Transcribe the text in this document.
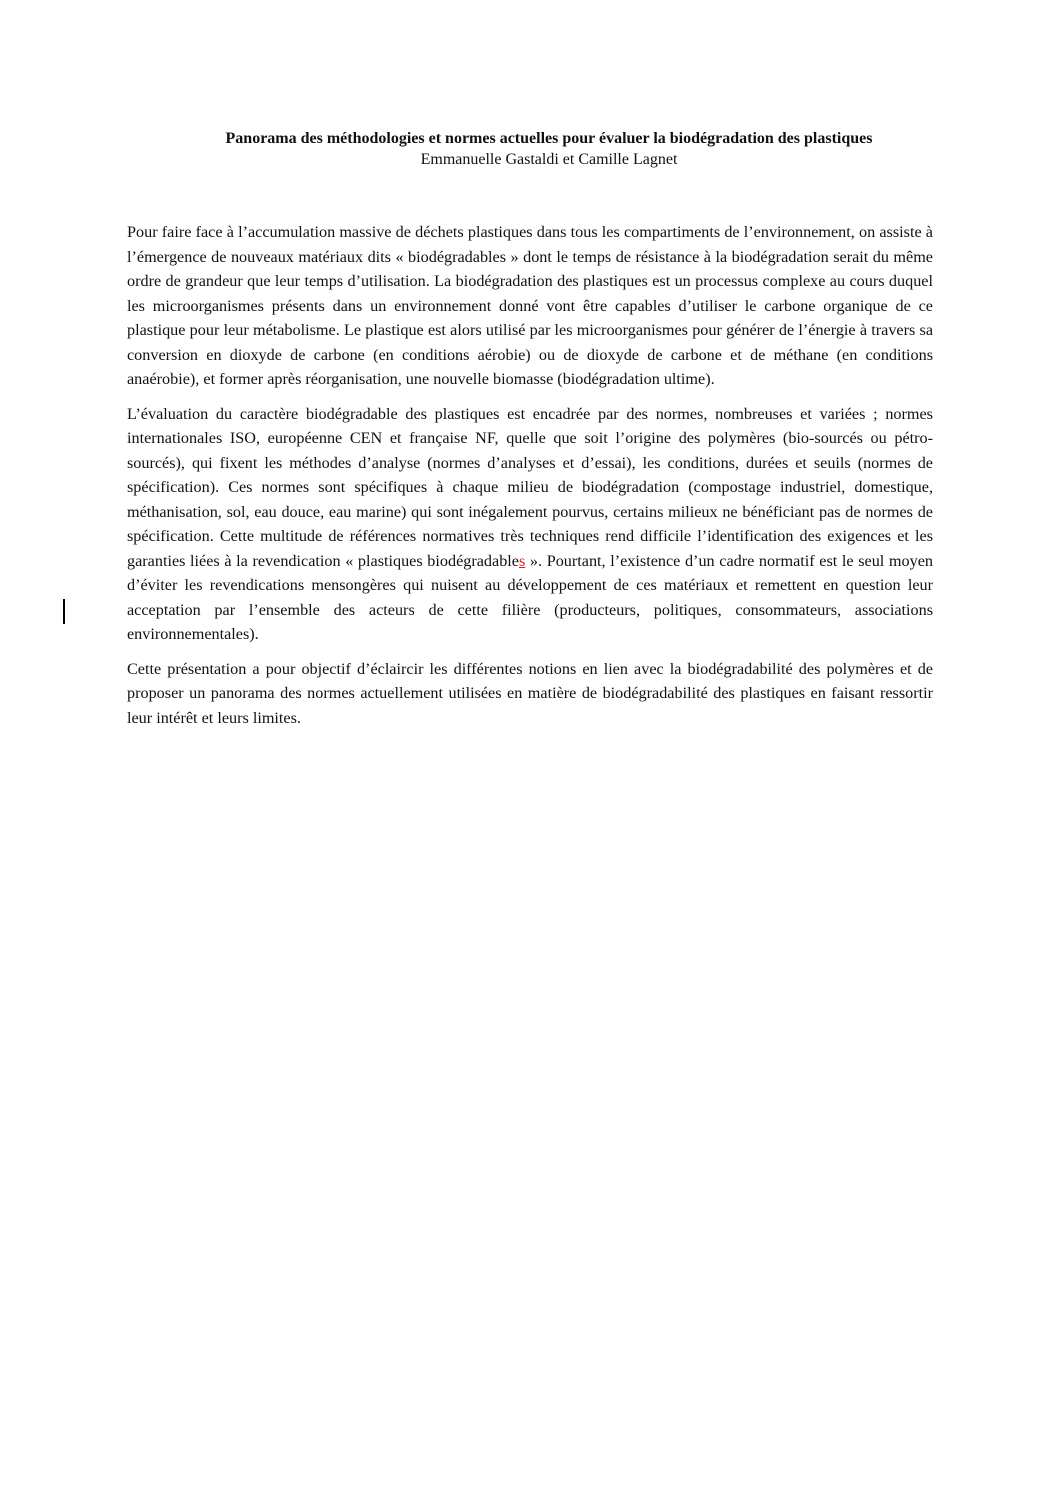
Panorama des méthodologies et normes actuelles pour évaluer la biodégradation des plastiques

Emmanuelle Gastaldi et Camille Lagnet

Pour faire face à l’accumulation massive de déchets plastiques dans tous les compartiments de l’environnement, on assiste à l’émergence de nouveaux matériaux dits « biodégradables » dont le temps de résistance à la biodégradation serait du même ordre de grandeur que leur temps d’utilisation. La biodégradation des plastiques est un processus complexe au cours duquel les microorganismes présents dans un environnement donné vont être capables d’utiliser le carbone organique de ce plastique pour leur métabolisme. Le plastique est alors utilisé par les microorganismes pour générer de l’énergie à travers sa conversion en dioxyde de carbone (en conditions aérobie) ou de dioxyde de carbone et de méthane (en conditions anaérobie), et former après réorganisation, une nouvelle biomasse (biodégradation ultime).

L’évaluation du caractère biodégradable des plastiques est encadrée par des normes, nombreuses et variées ; normes internationales ISO, européenne CEN et française NF, quelle que soit l’origine des polymères (bio-sourcés ou pétro-sourcés), qui fixent les méthodes d’analyse (normes d’analyses et d’essai), les conditions, durées et seuils (normes de spécification). Ces normes sont spécifiques à chaque milieu de biodégradation (compostage industriel, domestique, méthanisation, sol, eau douce, eau marine) qui sont inégalement pourvus, certains milieux ne bénéficiant pas de normes de spécification. Cette multitude de références normatives très techniques rend difficile l’identification des exigences et les garanties liées à la revendication « plastiques biodégradables ». Pourtant, l’existence d’un cadre normatif est le seul moyen d’éviter les revendications mensongères qui nuisent au développement de ces matériaux et remettent en question leur acceptation par l’ensemble des acteurs de cette filière (producteurs, politiques, consommateurs, associations environnementales).

Cette présentation a pour objectif d’éclaircir les différentes notions en lien avec la biodégradabilité des polymères et de proposer un panorama des normes actuellement utilisées en matière de biodégradabilité des plastiques en faisant ressortir leur intérêt et leurs limites.
